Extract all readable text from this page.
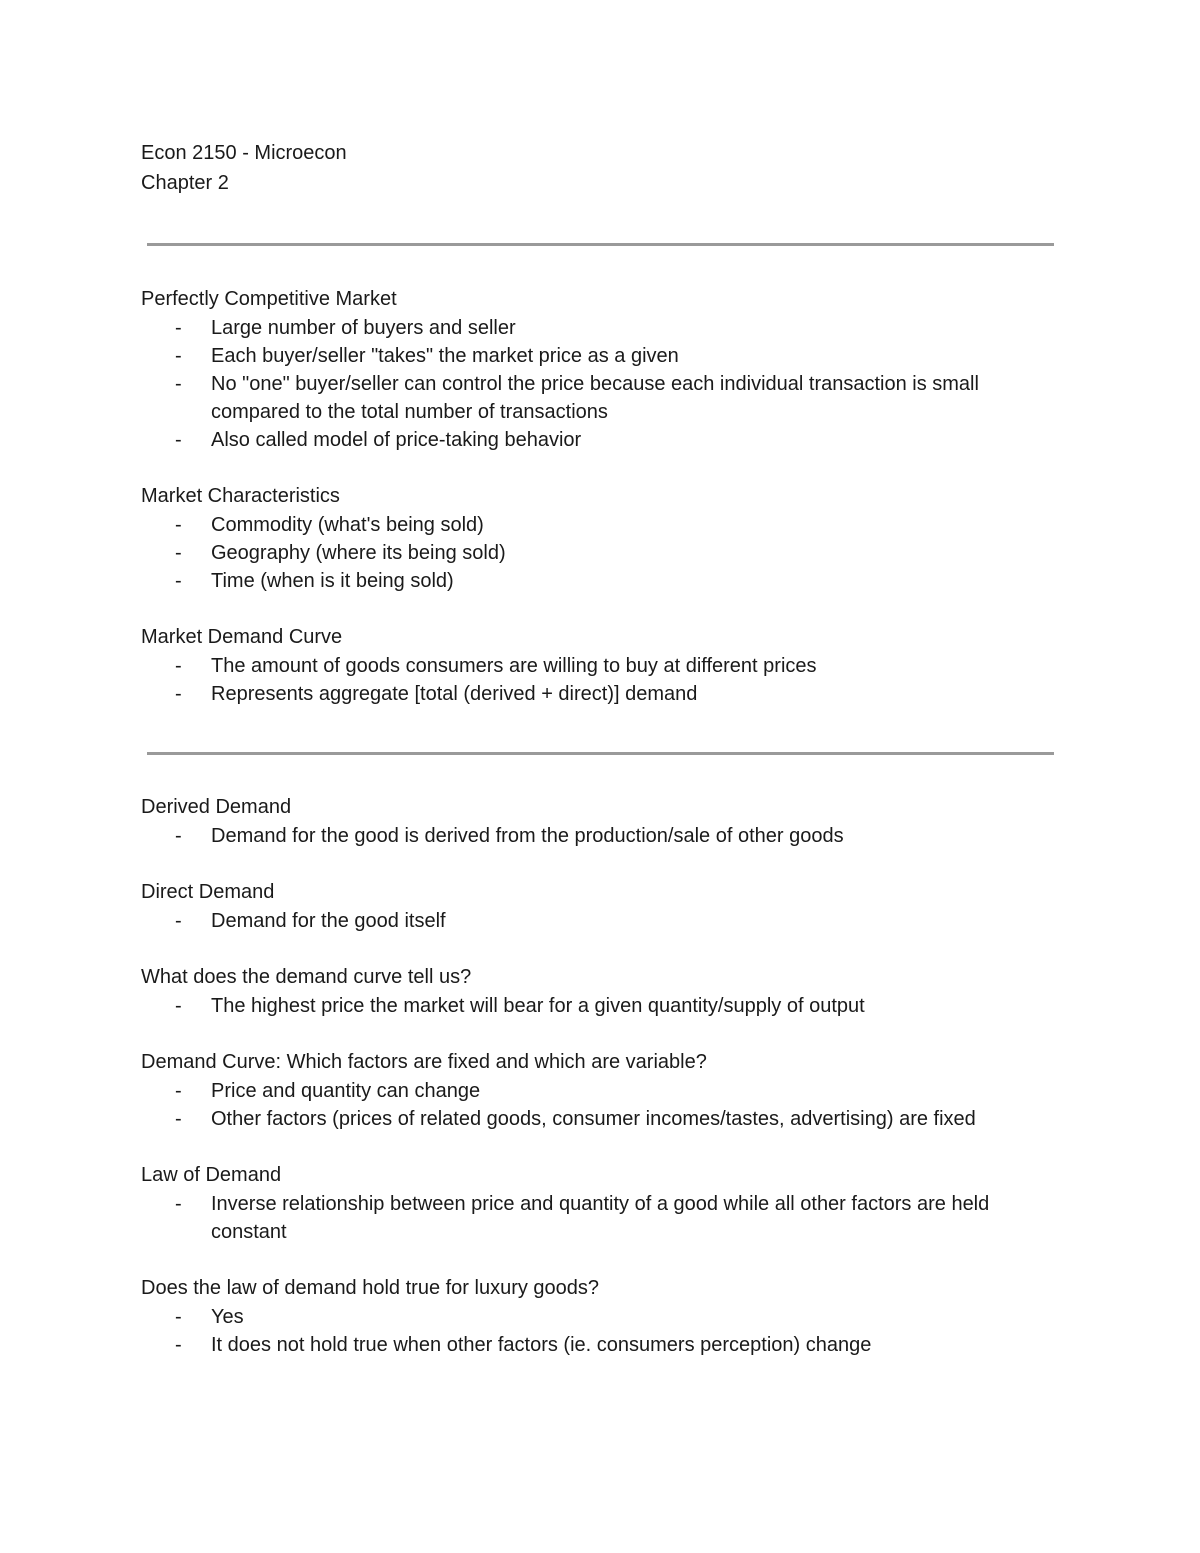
Econ 2150 - Microecon
Chapter 2
Perfectly Competitive Market
- Large number of buyers and seller
- Each buyer/seller "takes" the market price as a given
- No "one" buyer/seller can control the price because each individual transaction is small compared to the total number of transactions
- Also called model of price-taking behavior
Market Characteristics
- Commodity (what's being sold)
- Geography (where its being sold)
- Time (when is it being sold)
Market Demand Curve
- The amount of goods consumers are willing to buy at different prices
- Represents aggregate [total (derived + direct)] demand
Derived Demand
- Demand for the good is derived from the production/sale of other goods
Direct Demand
- Demand for the good itself
What does the demand curve tell us?
- The highest price the market will bear for a given quantity/supply of output
Demand Curve: Which factors are fixed and which are variable?
- Price and quantity can change
- Other factors (prices of related goods, consumer incomes/tastes, advertising) are fixed
Law of Demand
- Inverse relationship between price and quantity of a good while all other factors are held constant
Does the law of demand hold true for luxury goods?
- Yes
- It does not hold true when other factors (ie. consumers perception) change
